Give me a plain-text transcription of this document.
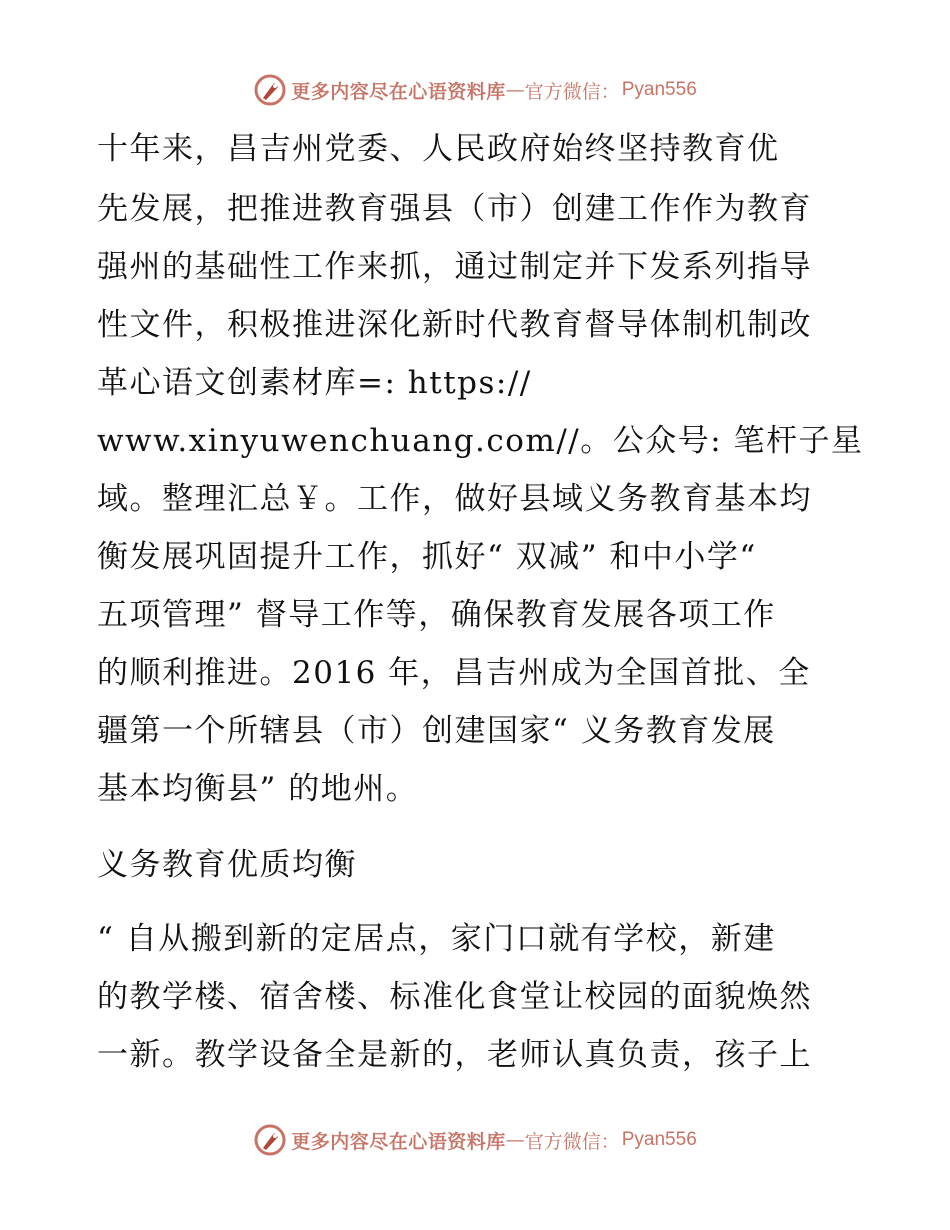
更多内容尽在心语资料库 — 官方微信： Pyan556
十年来，昌吉州党委、人民政府始终坚持教育优
先发展，把推进教育强县（市）创建工作作为教育
强州的基础性工作来抓，通过制定并下发系列指导
性文件，积极推进深化新时代教育督导体制机制改
革心语文创素材库=: https://
www.xinyuwenchuang.com//。公众号: 笔杆子星
域。整理汇总￥。工作，做好县域义务教育基本均
衡发展巩固提升工作，抓好“ 双减” 和中小学“
五项管理” 督导工作等，确保教育发展各项工作
的顺利推进。2016 年，昌吉州成为全国首批、全
疆第一个所辖县（市）创建国家“ 义务教育发展
基本均衡县” 的地州。
义务教育优质均衡
“ 自从搬到新的定居点，家门口就有学校，新建
的教学楼、宿舍楼、标准化食堂让校园的面貌焕然
一新。教学设备全是新的，老师认真负责，孩子上
更多内容尽在心语资料库 — 官方微信： Pyan556
